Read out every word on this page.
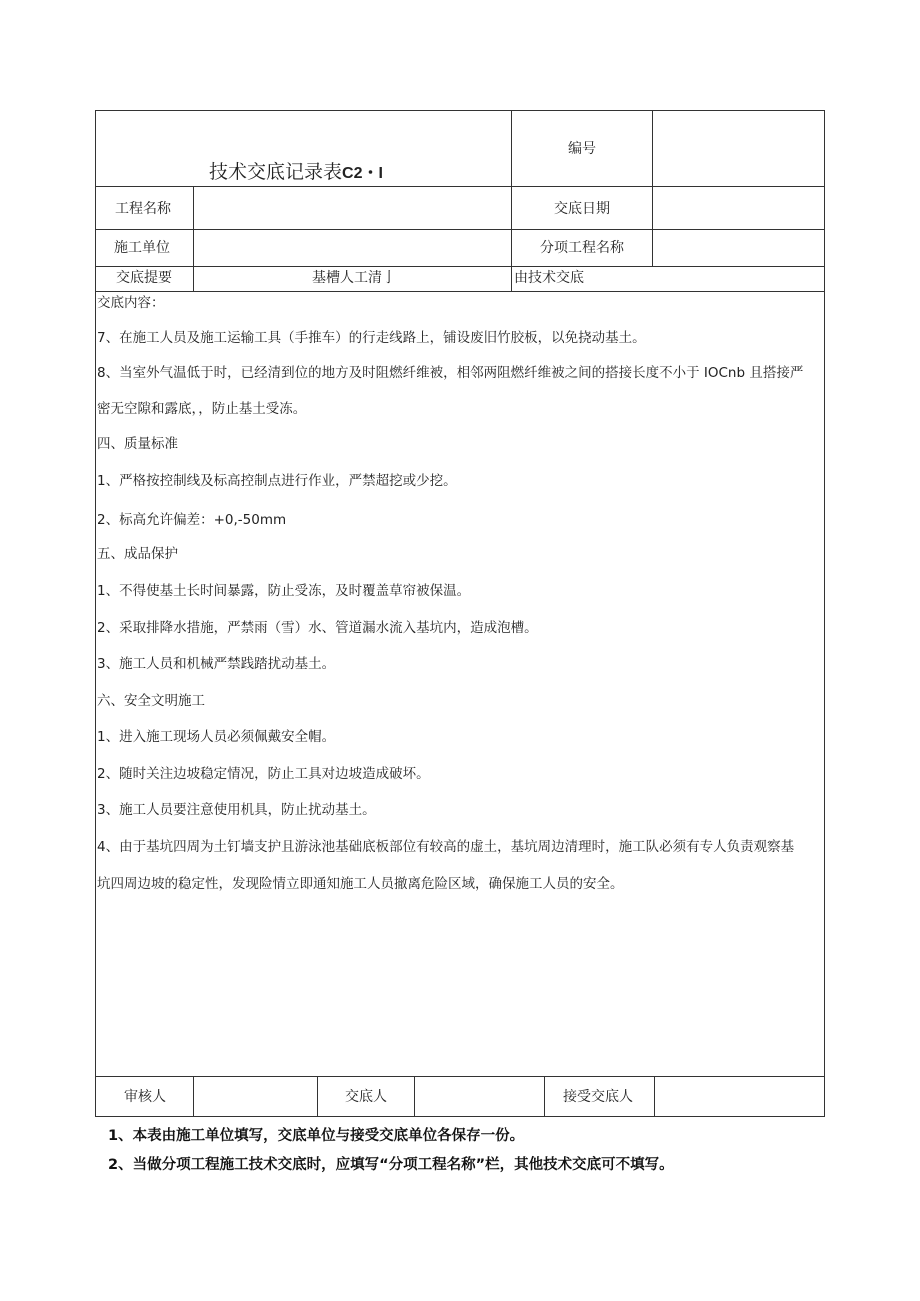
技术交底记录表C2・I
编号
工程名称	交底日期
施工单位	分项工程名称
交底提要	基槽人工清亅	由技术交底
交底内容：
7、在施工人员及施工运输工具（手推车）的行走线路上，铺设废旧竹胶板，以免挠动基土。
8、当室外气温低于时，已经清到位的地方及时阻燃纤维被，相邻两阻燃纤维被之间的搭接长度不小于 IOCnb 且搭接严
密无空隙和露底，，防止基土受冻。
四、质量标准
1、严格按控制线及标高控制点进行作业，严禁超挖或少挖。
2、标高允许偏差：+0,-50mm
五、成品保护
1、不得使基土长时间暴露，防止受冻，及时覆盖草帘被保温。
2、采取排降水措施，严禁雨（雪）水、管道漏水流入基坑内，造成泡槽。
3、施工人员和机械严禁践踏扰动基土。
六、安全文明施工
1、进入施工现场人员必须佩戴安全帽。
2、随时关注边坡稳定情况，防止工具对边坡造成破坏。
3、施工人员要注意使用机具，防止扰动基土。
4、由于基坑四周为土钉墙支护且游泳池基础底板部位有较高的虚土，基坑周边清理时，施工队必须有专人负责观察基
坑四周边坡的稳定性，发现险情立即通知施工人员撤离危险区域，确保施工人员的安全。
审核人	交底人	接受交底人
1、本表由施工单位填写，交底单位与接受交底单位各保存一份。
2、当做分项工程施工技术交底时，应填写“分项工程名称”栏，其他技术交底可不填写。
